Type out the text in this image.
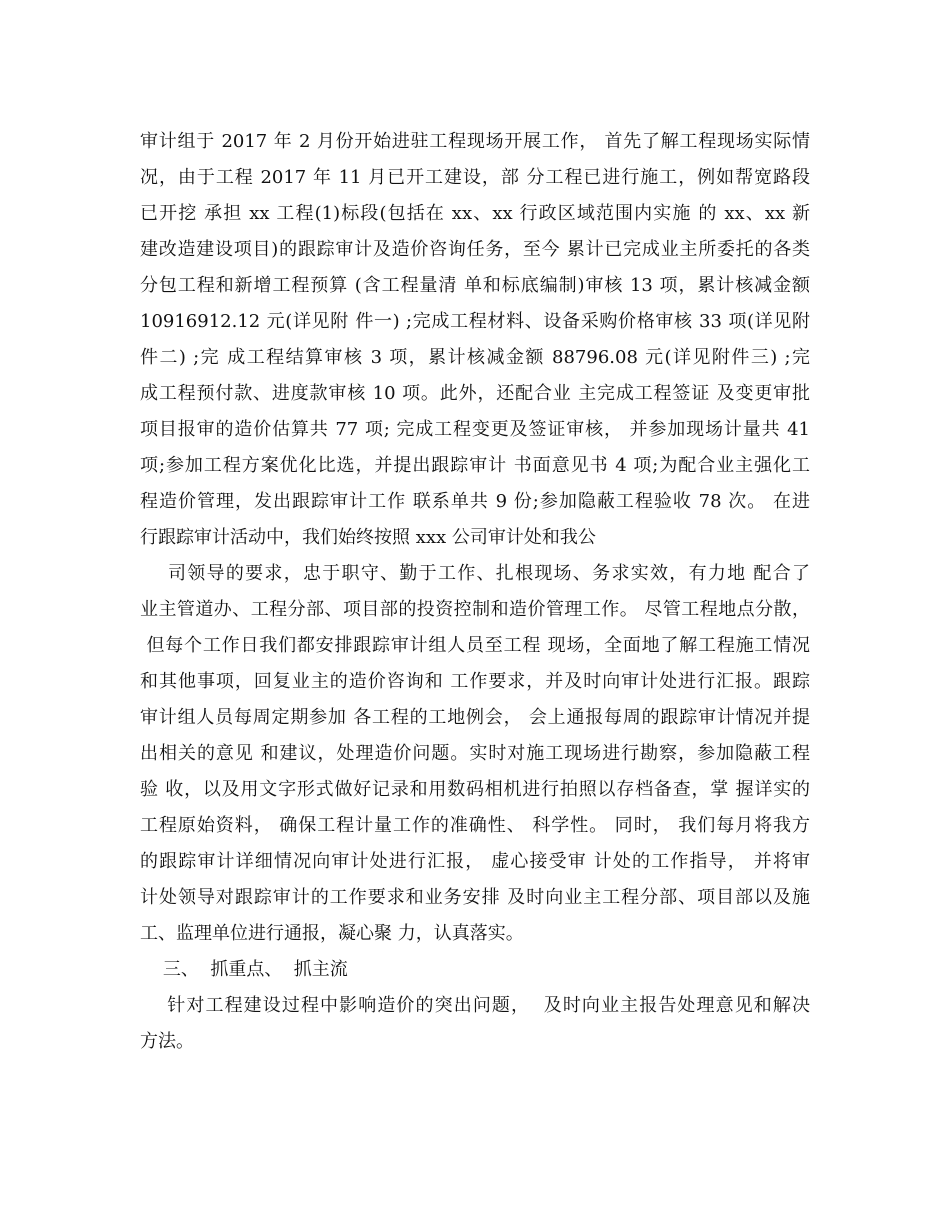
审计组于 2017 年 2 月份开始进驻工程现场开展工作， 首先了解工程现场实际情
况，由于工程 2017 年 11 月已开工建设，部 分工程已进行施工，例如帮宽路段
已开挖 承担 xx 工程(1)标段(包括在 xx、xx 行政区域范围内实施 的 xx、xx 新
建改造建设项目)的跟踪审计及造价咨询任务，至今 累计已完成业主所委托的各类
分包工程和新增工程预算 (含工程量清 单和标底编制)审核 13 项，累计核减金额
10916912.12 元(详见附 件一) ;完成工程材料、设备采购价格审核 33 项(详见附
件二) ;完 成工程结算审核 3 项，累计核减金额 88796.08 元(详见附件三) ;完
成工程预付款、进度款审核 10 项。此外，还配合业 主完成工程签证 及变更审批
项目报审的造价估算共 77 项; 完成工程变更及签证审核， 并参加现场计量共 41
项;参加工程方案优化比选，并提出跟踪审计 书面意见书 4 项;为配合业主强化工
程造价管理，发出跟踪审计工作 联系单共 9 份;参加隐蔽工程验收 78 次。 在进
行跟踪审计活动中，我们始终按照 xxx 公司审计处和我公
司领导的要求，忠于职守、勤于工作、扎根现场、务求实效，有力地 配合了
业主管道办、工程分部、项目部的投资控制和造价管理工作。 尽管工程地点分散，
但每个工作日我们都安排跟踪审计组人员至工程 现场，全面地了解工程施工情况
和其他事项，回复业主的造价咨询和 工作要求，并及时向审计处进行汇报。跟踪
审计组人员每周定期参加 各工程的工地例会， 会上通报每周的跟踪审计情况并提
出相关的意见 和建议，处理造价问题。实时对施工现场进行勘察，参加隐蔽工程
验 收，以及用文字形式做好记录和用数码相机进行拍照以存档备查，掌 握详实的
工程原始资料， 确保工程计量工作的准确性、 科学性。 同时， 我们每月将我方
的跟踪审计详细情况向审计处进行汇报， 虚心接受审 计处的工作指导， 并将审
计处领导对跟踪审计的工作要求和业务安排 及时向业主工程分部、项目部以及施
工、监理单位进行通报，凝心聚 力，认真落实。
三、  抓重点、  抓主流
针对工程建设过程中影响造价的突出问题，  及时向业主报告处理意见和解决
方法。
